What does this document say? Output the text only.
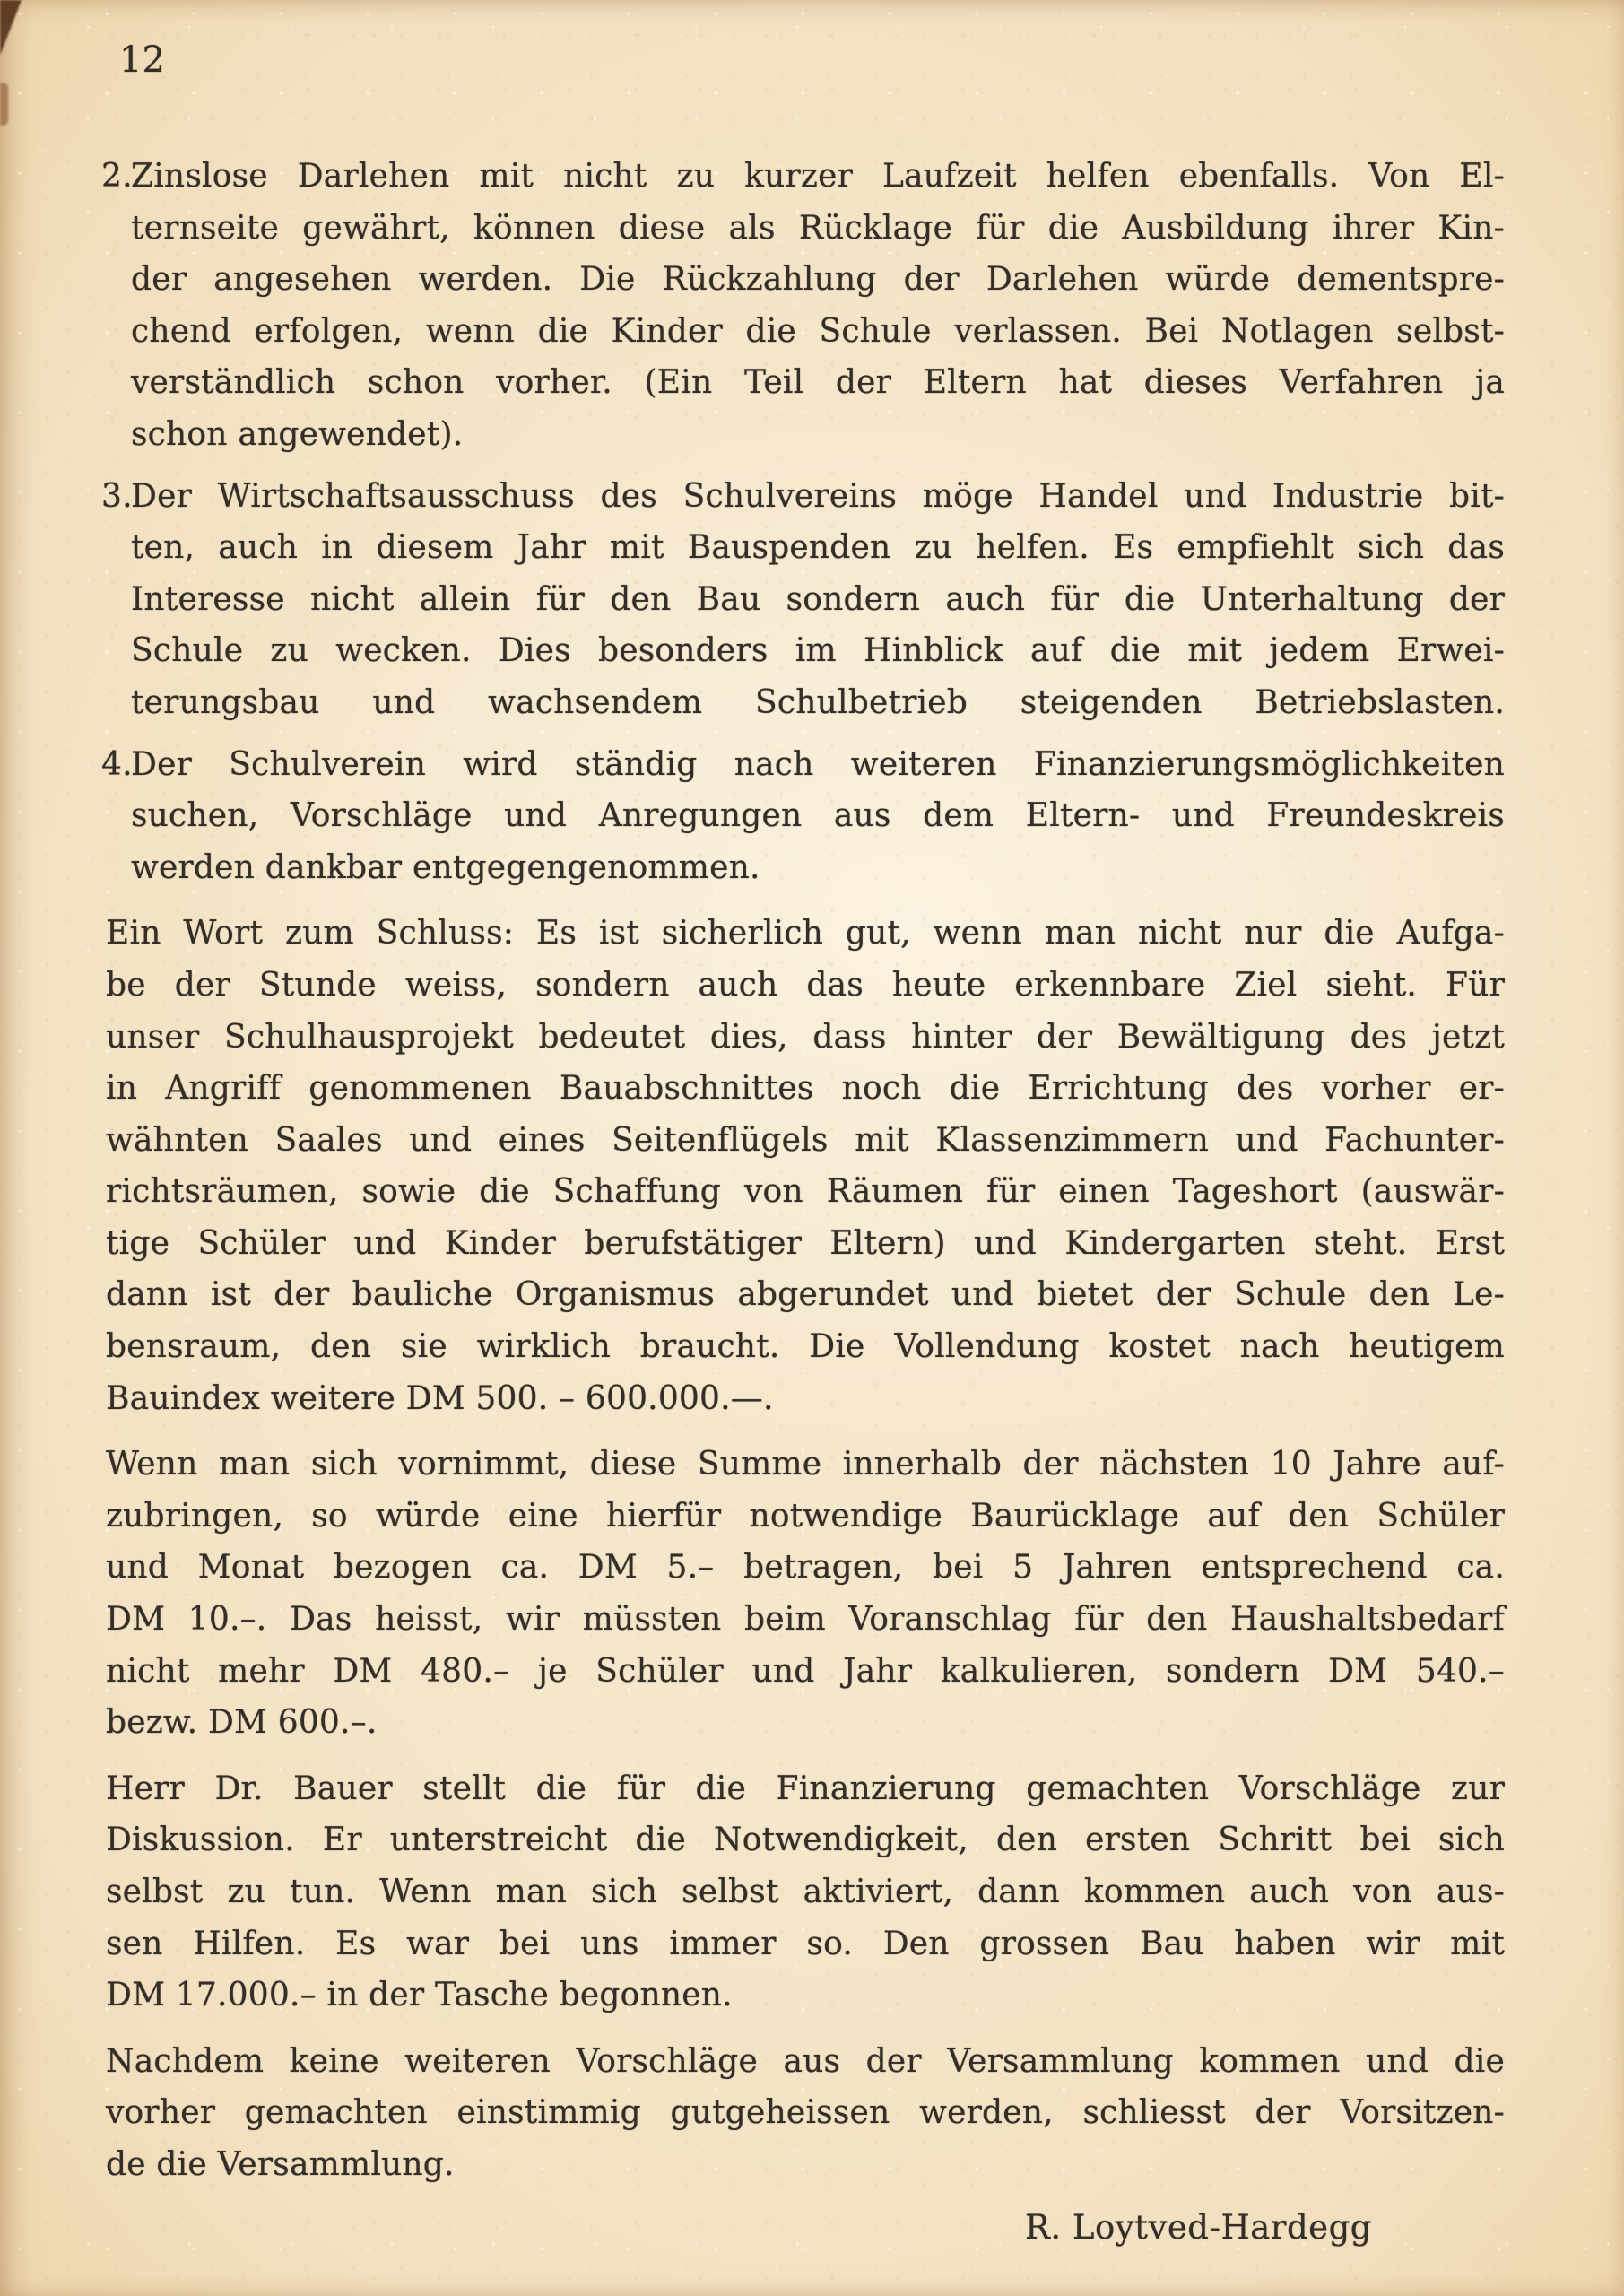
12
2.
Zinslose Darlehen mit nicht zu kurzer Laufzeit helfen ebenfalls. Von El-
ternseite gewährt, können diese als Rücklage für die Ausbildung ihrer Kin-
der angesehen werden. Die Rückzahlung der Darlehen würde dementspre-
chend erfolgen, wenn die Kinder die Schule verlassen. Bei Notlagen selbst-
verständlich schon vorher. (Ein Teil der Eltern hat dieses Verfahren ja
schon angewendet).
3.
Der Wirtschaftsausschuss des Schulvereins möge Handel und Industrie bit-
ten, auch in diesem Jahr mit Bauspenden zu helfen. Es empfiehlt sich das
Interesse nicht allein für den Bau sondern auch für die Unterhaltung der
Schule zu wecken. Dies besonders im Hinblick auf die mit jedem Erwei-
terungsbau und wachsendem Schulbetrieb steigenden Betriebslasten.
4.
Der Schulverein wird ständig nach weiteren Finanzierungsmöglichkeiten
suchen, Vorschläge und Anregungen aus dem Eltern- und Freundeskreis
werden dankbar entgegengenommen.
Ein Wort zum Schluss: Es ist sicherlich gut, wenn man nicht nur die Aufga-
be der Stunde weiss, sondern auch das heute erkennbare Ziel sieht. Für
unser Schulhausprojekt bedeutet dies, dass hinter der Bewältigung des jetzt
in Angriff genommenen Bauabschnittes noch die Errichtung des vorher er-
wähnten Saales und eines Seitenflügels mit Klassenzimmern und Fachunter-
richtsräumen, sowie die Schaffung von Räumen für einen Tageshort (auswär-
tige Schüler und Kinder berufstätiger Eltern) und Kindergarten steht. Erst
dann ist der bauliche Organismus abgerundet und bietet der Schule den Le-
bensraum, den sie wirklich braucht. Die Vollendung kostet nach heutigem
Bauindex weitere DM 500. – 600.000.—.
Wenn man sich vornimmt, diese Summe innerhalb der nächsten 10 Jahre auf-
zubringen, so würde eine hierfür notwendige Baurücklage auf den Schüler
und Monat bezogen ca. DM 5.– betragen, bei 5 Jahren entsprechend ca.
DM 10.–. Das heisst, wir müssten beim Voranschlag für den Haushaltsbedarf
nicht mehr DM 480.– je Schüler und Jahr kalkulieren, sondern DM 540.–
bezw. DM 600.–.
Herr Dr. Bauer stellt die für die Finanzierung gemachten Vorschläge zur
Diskussion. Er unterstreicht die Notwendigkeit, den ersten Schritt bei sich
selbst zu tun. Wenn man sich selbst aktiviert, dann kommen auch von aus-
sen Hilfen. Es war bei uns immer so. Den grossen Bau haben wir mit
DM 17.000.– in der Tasche begonnen.
Nachdem keine weiteren Vorschläge aus der Versammlung kommen und die
vorher gemachten einstimmig gutgeheissen werden, schliesst der Vorsitzen-
de die Versammlung.
R. Loytved-Hardegg
